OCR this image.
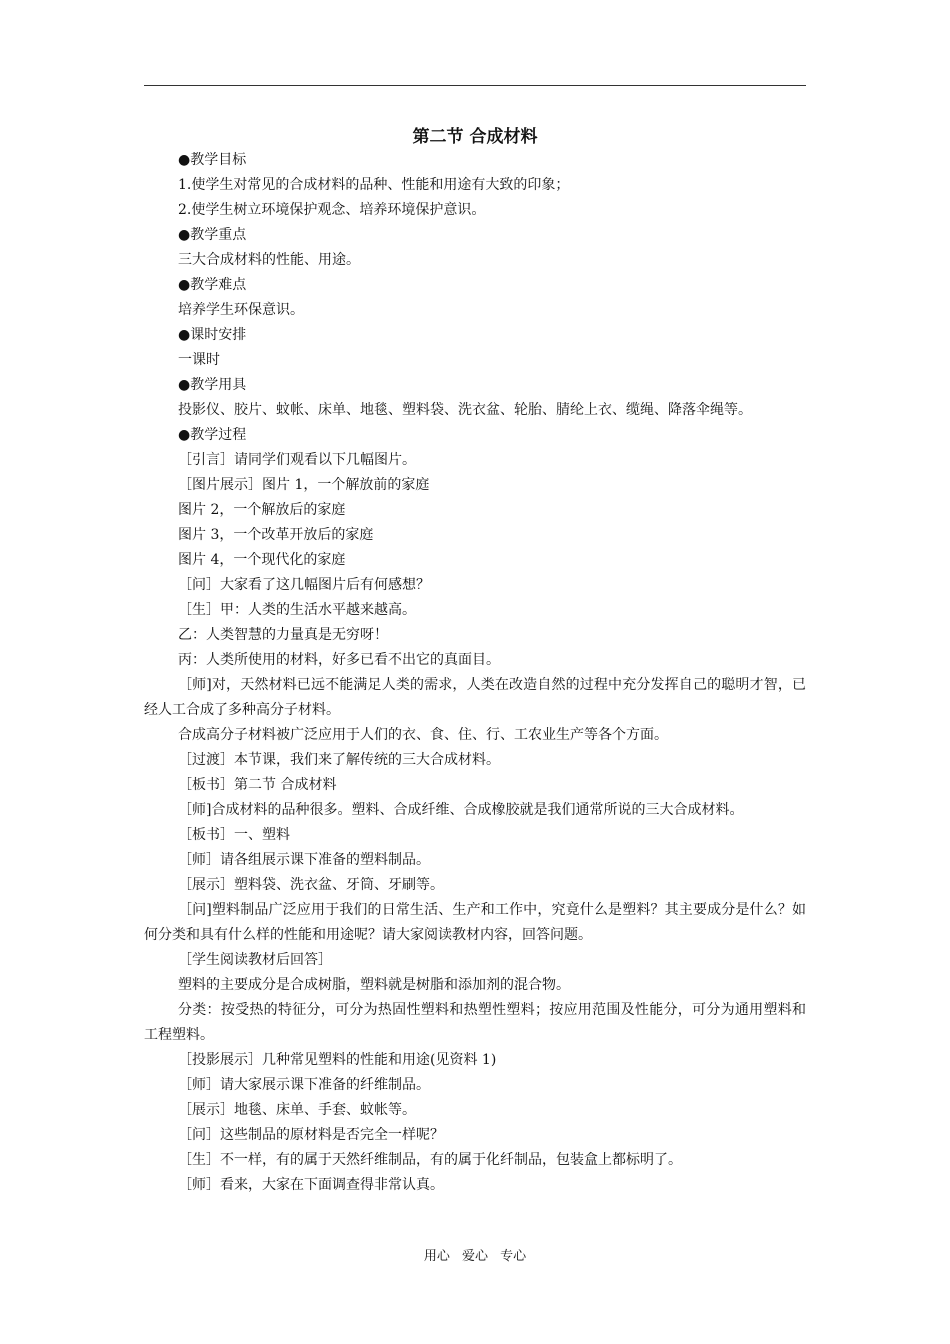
第二节 合成材料

●教学目标

1.使学生对常见的合成材料的品种、性能和用途有大致的印象；

2.使学生树立环境保护观念、培养环境保护意识。

●教学重点

三大合成材料的性能、用途。

●教学难点

培养学生环保意识。

●课时安排

一课时

●教学用具

投影仪、胶片、蚊帐、床单、地毯、塑料袋、洗衣盆、轮胎、腈纶上衣、缆绳、降落伞绳等。

●教学过程

［引言］请同学们观看以下几幅图片。

［图片展示］图片 1，一个解放前的家庭

图片 2，一个解放后的家庭

图片 3，一个改革开放后的家庭

图片 4，一个现代化的家庭

［问］大家看了这几幅图片后有何感想？

［生］甲：人类的生活水平越来越高。

乙：人类智慧的力量真是无穷呀！

丙：人类所使用的材料，好多已看不出它的真面目。

［师]对，天然材料已远不能满足人类的需求，人类在改造自然的过程中充分发挥自己的聪明才智，已经人工合成了多种高分子材料。

合成高分子材料被广泛应用于人们的衣、食、住、行、工农业生产等各个方面。

［过渡］本节课，我们来了解传统的三大合成材料。

［板书］第二节 合成材料

［师]合成材料的品种很多。塑料、合成纤维、合成橡胶就是我们通常所说的三大合成材料。

［板书］一、塑料

［师］请各组展示课下准备的塑料制品。

［展示］塑料袋、洗衣盆、牙筒、牙刷等。

［问]塑料制品广泛应用于我们的日常生活、生产和工作中，究竟什么是塑料？其主要成分是什么？如何分类和具有什么样的性能和用途呢？请大家阅读教材内容，回答问题。

［学生阅读教材后回答］

塑料的主要成分是合成树脂，塑料就是树脂和添加剂的混合物。

分类：按受热的特征分，可分为热固性塑料和热塑性塑料；按应用范围及性能分，可分为通用塑料和工程塑料。

［投影展示］几种常见塑料的性能和用途(见资料 1)

［师］请大家展示课下准备的纤维制品。

［展示］地毯、床单、手套、蚊帐等。

［问］这些制品的原材料是否完全一样呢？

［生］不一样，有的属于天然纤维制品，有的属于化纤制品，包装盒上都标明了。

［师］看来，大家在下面调查得非常认真。

用心 爱心 专心
